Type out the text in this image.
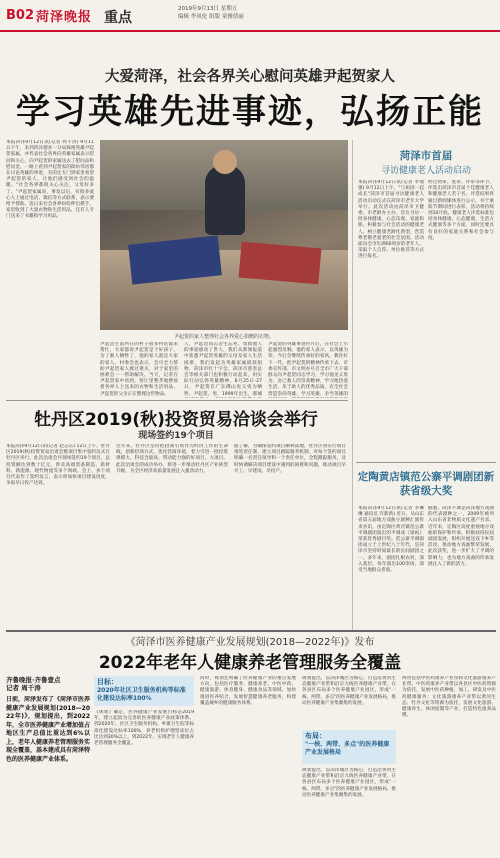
B02 菏泽晚报 重点
2019年9月13日 星期五
编辑 李凤伦 组版 童雅倩丽
大爱菏泽，社会各界关心慰问英雄尹起贺家人
学习英雄先进事迹，弘扬正能
本报菏泽9月12日讯(记者 周千涛) 9月11日下午，来到菏泽德业一分局探视英雄尹起贺家属，并代表社会各界向英雄家属表示慰问和关心，向尹起贺的家属送去了慰问品和慰问金。一路上看到尹起贺家的街坊邻居都在讨论英雄的事迹，有的还专门到家里看望尹起贺的家人，让他们感受到社会的温暖。"社会各界都很关心关注，父母好多了。"尹起贺家属说，事发以后，有很多爱心人士通过电话、微信等方式联系，表示要给予帮助。连日来社会各界纷纷伸出援手，家里收到了大量衣物和生活用品，还有人专门送来了书籍和学习用品。
尹起贺的家人整理社会各界爱心捐赠的衣物。
尹起贺生前所在的村子很多村民都来帮忙，大家都说尹起贺是个好孩子，为了救人牺牲了，他的家人就是大家的家人。村委会也表示，会尽全力帮助尹起贺家人渡过难关，对于家里的困难会一一帮助解决。当天，记者在尹起贺家中看到，客厅里整齐地摆放着各界人士送来的衣物和生活用品，尹起贺的父亲正在整理这些物品。
人，尹起贺同志舍生忘死、勇救他人的事迹感动了世人，我们从新闻报道中获悉尹起贺英雄的父母及家人生活困难，我们发起为英雄家属捐款捐物，菏泽市红十字会、菏泽市慈善总会等相关部门也积极行动起来，用实际行动弘扬英雄精神。8月25日-27日，尹起贺在广东佛山见义勇为牺牲。尹起贺，男，1999年出生，郓城
尹起贺的英雄事迹传开后，在社会上引起强烈反响。他的家人表示，以英雄为荣，今后会继续传承好的家风，教育好下一代，把尹起贺的精神传承下去。市委宣传部、市文明办号召全市广大干部群众向尹起贺同志学习，学习他见义勇为、舍己救人的崇高精神，学习他热爱生活、乐于助人的优秀品质，在全社会营造崇尚英雄、学习英雄、争当英雄的
菏泽市首届
寻访健康老人活动启动
本报菏泽9月12日讯(记者 李瑞强) 9月12日上午，"与祖国一起成长"菏泽市首届寻访健康老人活动启动仪式在菏泽市老年大学举行。此次活动由菏泽市卫健委、市老龄办主办，旨在寻访一批身体健康、心态乐观、家庭和睦、积极参与社会活动的健康老人，树立健康老龄化典型，营造尊老敬老爱老的社会氛围。活动面向全市年满60周岁的老年人，采取个人自荐、单位推荐等方式进行报名。
经过初审、复审、评审等环节，评选出菏泽市首届十佳健康老人和健康老人若干名。评选结果将通过新闻媒体进行公示，并于重阳节期间进行表彰。活动将持续到10月底。健康老人评选标准包括身体健康、心态健康、生活方式健康等多个方面，同时还要具有良好的家庭关系和社会参与度。
定陶黄店镇范公寨平调剧团新获省级大奖
本报菏泽9月12日讯(记者 李琳琳 通讯员 许新新) 近日，从山东省第五届地方戏曲小剧种汇演传来喜讯，由定陶区黄店镇范公寨平调剧团演出的平调戏《梁祝》荣获优秀剧目奖。范公寨平调剧团成立于上世纪八十年代，是菏泽市坚持时间最长的民间剧团之一。多年来，剧团扎根农村，深入基层，每年演出100余场，深受当地群众喜爱。
据悉，菏泽平调是菏泽地方戏曲的代表剧种之一，2009年被列入山东省非物质文化遗产名录。近年来，定陶区高度重视地方戏曲的保护和传承，积极扶持民间剧团发展，组织开展送戏下乡等活动，推动地方戏曲繁荣发展。此次获奖，进一步扩大了平调的影响力，也为地方戏曲的传承发展注入了新的活力。
牡丹区2019(秋)投资贸易洽谈会举行
现场签约19个项目
本报菏泽9月12日讯(记者 赵志东) 12日上午，牡丹区2019(秋)投资贸易洽谈会暨项目集中签约仪式在牡丹区举行。此次洽谈会共现场签约19个项目，总投资额达到数十亿元，涉及高端装备制造、新材料、新能源、现代物流等多个领域。会上，多个项目代表作了签约发言，表示将加快项目建设进度，争取早日投产达效。
近年来，牡丹区坚持把招商引资作为经济工作的生命线，创新招商方式，优化营商环境，着力引进一批投资规模大、科技含量高、带动能力强的好项目、大项目。此次洽谈会的成功举办，将进一步推动牡丹区产业转型升级，为全区经济高质量发展注入强劲动力。
据了解，为确保签约项目顺利落地，牡丹区将实行项目推进责任制，建立项目跟踪服务机制，对每个签约项目明确一名责任领导和一个责任单位，全程跟踪服务，及时协调解决项目建设中遇到的困难和问题，推动项目早开工、早建设、早投产。
《菏泽市医养健康产业发展规划(2018—2022年)》发布
2022年老年人健康养老管理服务全覆盖
齐鲁晚报·齐鲁壹点
记者 周千涛
日前，菏泽发布了《菏泽市医养健康产业发展规划(2018—2022年)》，规划提出，到2022年，全市医养健康产业增加值占地区生产总值比重达到6%以上，老年人健康养老管理服务实现全覆盖，基本建成具有菏泽特色的医养健康产业体系。
目标：
2020年社区卫生服务机构等标准化建设达标率100%
《规划》确定，医养健康产业发展目标是2019年，建立起较为完善的医养健康产业政策体系。到2020年，社区卫生服务机构、乡镇卫生院等标准化建设达标率100%，养老机构护理型床位占比达到30%以上。到2022年，实现老年人健康养老管理服务全覆盖。
同时，规划还明确了医养健康产业的重点发展方向，包括医疗服务、健康养老、中医中药、健康旅游、体育健身、健康食品等领域，加快推进医养结合，发展智慧健康养老服务，构建覆盖城乡的健康服务体系。
布局：
"一核、两带、多点"的医养健康产业发展格局
规划提出，以菏泽城区为核心，打造沿黄河生态健康产业带和沿京九线医养健康产业带，在各县区布局多个医养健康产业园区，形成"一核、两带、多点"的医养健康产业发展格局，推动医养健康产业集聚集约发展。
规划提出，以菏泽城区为核心，打造沿黄河生态健康产业带和沿京九线医养健康产业带，在各县区布局多个医养健康产业园区，形成"一核、两带、多点"的医养健康产业发展格局，推动医养健康产业集聚集约发展。
两带包括中医药康养产业带和文化旅游康养产业带。中医药康养产业带以各县区中医药资源为依托，发展中医药种植、加工、研发及中医药健康服务；文化旅游康养产业带以黄河生态、牡丹文化等资源为依托，发展文化旅游、健康养生、休闲度假等产业，打造特色康养品牌。
